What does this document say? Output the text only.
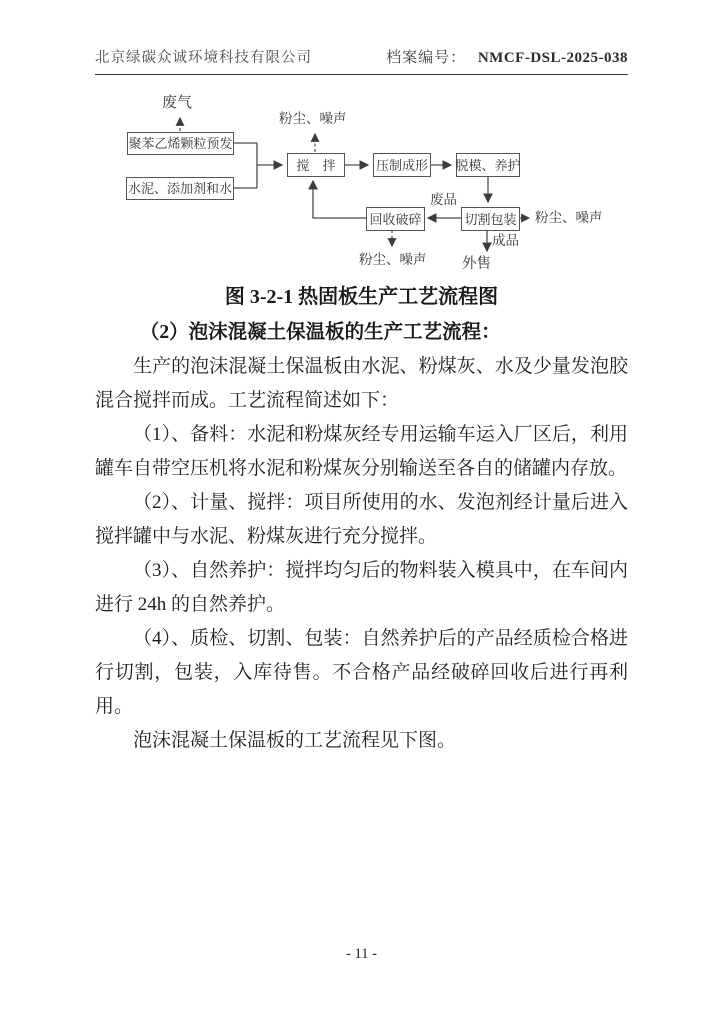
北京绿碳众诚环境科技有限公司	档案编号： NMCF-DSL-2025-038
聚苯乙烯颗粒预发
水泥、添加剂和水
搅　拌	压制成形 脱模、养护
切割包装
回收破碎
废气
粉尘、噪声
粉尘、噪声
废品
成品
外售
粉尘、噪声
图 3-2-1 热固板生产工艺流程图
（2）泡沫混凝土保温板的生产工艺流程：

生产的泡沫混凝土保温板由水泥、粉煤灰、水及少量发泡胶混合搅拌而成。工艺流程简述如下：

（1）、备料：水泥和粉煤灰经专用运输车运入厂区后，利用罐车自带空压机将水泥和粉煤灰分别输送至各自的储罐内存放。

（2）、计量、搅拌：项目所使用的水、发泡剂经计量后进入搅拌罐中与水泥、粉煤灰进行充分搅拌。

（3）、自然养护：搅拌均匀后的物料装入模具中，在车间内进行 24h 的自然养护。

（4）、质检、切割、包装：自然养护后的产品经质检合格进行切割，包装，入库待售。不合格产品经破碎回收后进行再利用。

泡沫混凝土保温板的工艺流程见下图。

- 11 -
